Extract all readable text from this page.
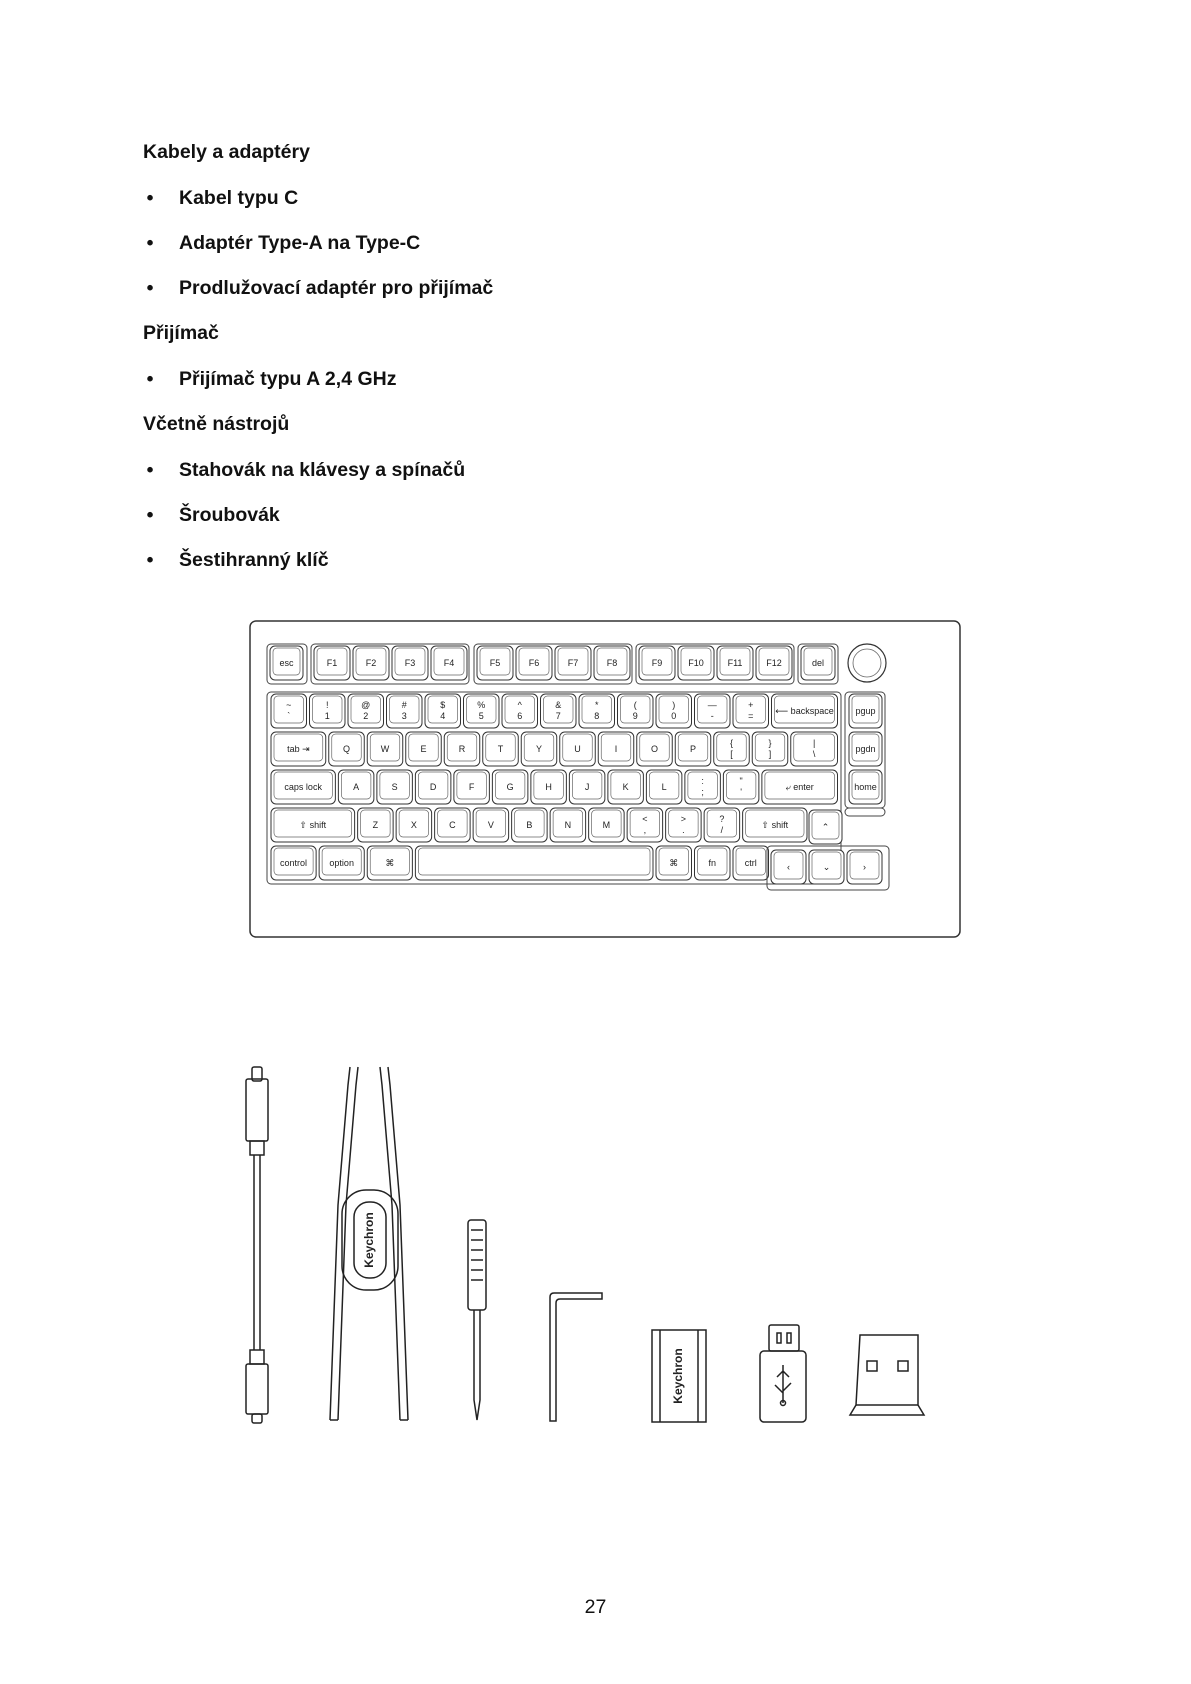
Kabely a adaptéry
• Kabel typu C
• Adaptér Type-A na Type-C
• Prodlužovací adaptér pro přijímač
Přijímač
• Přijímač typu A 2,4 GHz
Včetně nástrojů
• Stahovák na klávesy a spínačů
• Šroubovák
• Šestihranný klíč
esc	F1	F2	F3	F4	F5	F6	F7	F8	F9	F10	F11	F12	del
~
`
!
1
@
2
#
3
$
4
%
5
^
6
&
7
*
8
(
9
)
0
—
-
+
= ⟵ backspace pgup
tab ⇥	Q	W	E	R	T	Y	U	I	O	P
{
[
}
]
|
\	pgdn
caps lock	A	S	D	F	G	H	J	K	L
:
;
"
'	⤶ enter	home
⇧ shift	Z	X	C	V	B	N	M
<
,
>
.
?
/	⇧ shift	⌃
control option	⌘	⌘	fn	ctrl	‹	⌄	›
Keychron
Keychron
27
